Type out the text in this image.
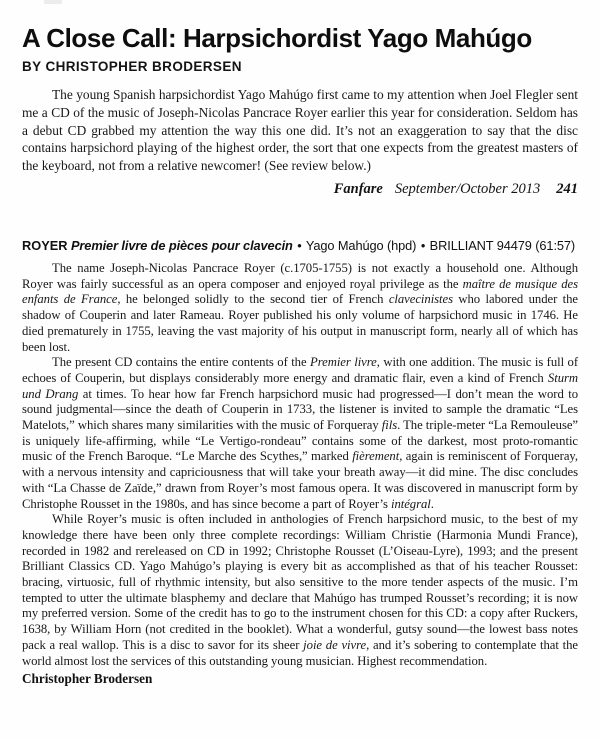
A Close Call: Harpsichordist Yago Mahúgo
BY CHRISTOPHER BRODERSEN

The young Spanish harpsichordist Yago Mahúgo first came to my attention when Joel Flegler sent me a CD of the music of Joseph-Nicolas Pancrace Royer earlier this year for consideration. Seldom has a debut CD grabbed my attention the way this one did. It’s not an exaggeration to say that the disc contains harpsichord playing of the highest order, the sort that one expects from the greatest masters of the keyboard, not from a relative newcomer! (See review below.)

Fanfare September/October 2013 241
ROYER Premier livre de pièces pour clavecin • Yago Mahúgo (hpd) • BRILLIANT 94479 (61:57)

The name Joseph-Nicolas Pancrace Royer (c.1705-1755) is not exactly a household one. Although Royer was fairly successful as an opera composer and enjoyed royal privilege as the maître de musique des enfants de France, he belonged solidly to the second tier of French clavecinistes who labored under the shadow of Couperin and later Rameau. Royer published his only volume of harpsichord music in 1746. He died prematurely in 1755, leaving the vast majority of his output in manuscript form, nearly all of which has been lost.

The present CD contains the entire contents of the Premier livre, with one addition. The music is full of echoes of Couperin, but displays considerably more energy and dramatic flair, even a kind of French Sturm und Drang at times. To hear how far French harpsichord music had progressed—I don’t mean the word to sound judgmental—since the death of Couperin in 1733, the listener is invited to sample the dramatic “Les Matelots,” which shares many similarities with the music of Forqueray fils. The triple-meter “La Remouleuse” is uniquely life-affirming, while “Le Vertigo-rondeau” contains some of the darkest, most proto-romantic music of the French Baroque. “Le Marche des Scythes,” marked fièrement, again is reminiscent of Forqueray, with a nervous intensity and capriciousness that will take your breath away—it did mine. The disc concludes with “La Chasse de Zaïde,” drawn from Royer’s most famous opera. It was discovered in manuscript form by Christophe Rousset in the 1980s, and has since become a part of Royer’s intégral.

While Royer’s music is often included in anthologies of French harpsichord music, to the best of my knowledge there have been only three complete recordings: William Christie (Harmonia Mundi France), recorded in 1982 and rereleased on CD in 1992; Christophe Rousset (L’Oiseau-Lyre), 1993; and the present Brilliant Classics CD. Yago Mahúgo’s playing is every bit as accomplished as that of his teacher Rousset: bracing, virtuosic, full of rhythmic intensity, but also sensitive to the more tender aspects of the music. I’m tempted to utter the ultimate blasphemy and declare that Mahúgo has trumped Rousset’s recording; it is now my preferred version. Some of the credit has to go to the instrument chosen for this CD: a copy after Ruckers, 1638, by William Horn (not credited in the booklet). What a wonderful, gutsy sound—the lowest bass notes pack a real wallop. This is a disc to savor for its sheer joie de vivre, and it’s sobering to contemplate that the world almost lost the services of this outstanding young musician. Highest recommendation.

Christopher Brodersen
